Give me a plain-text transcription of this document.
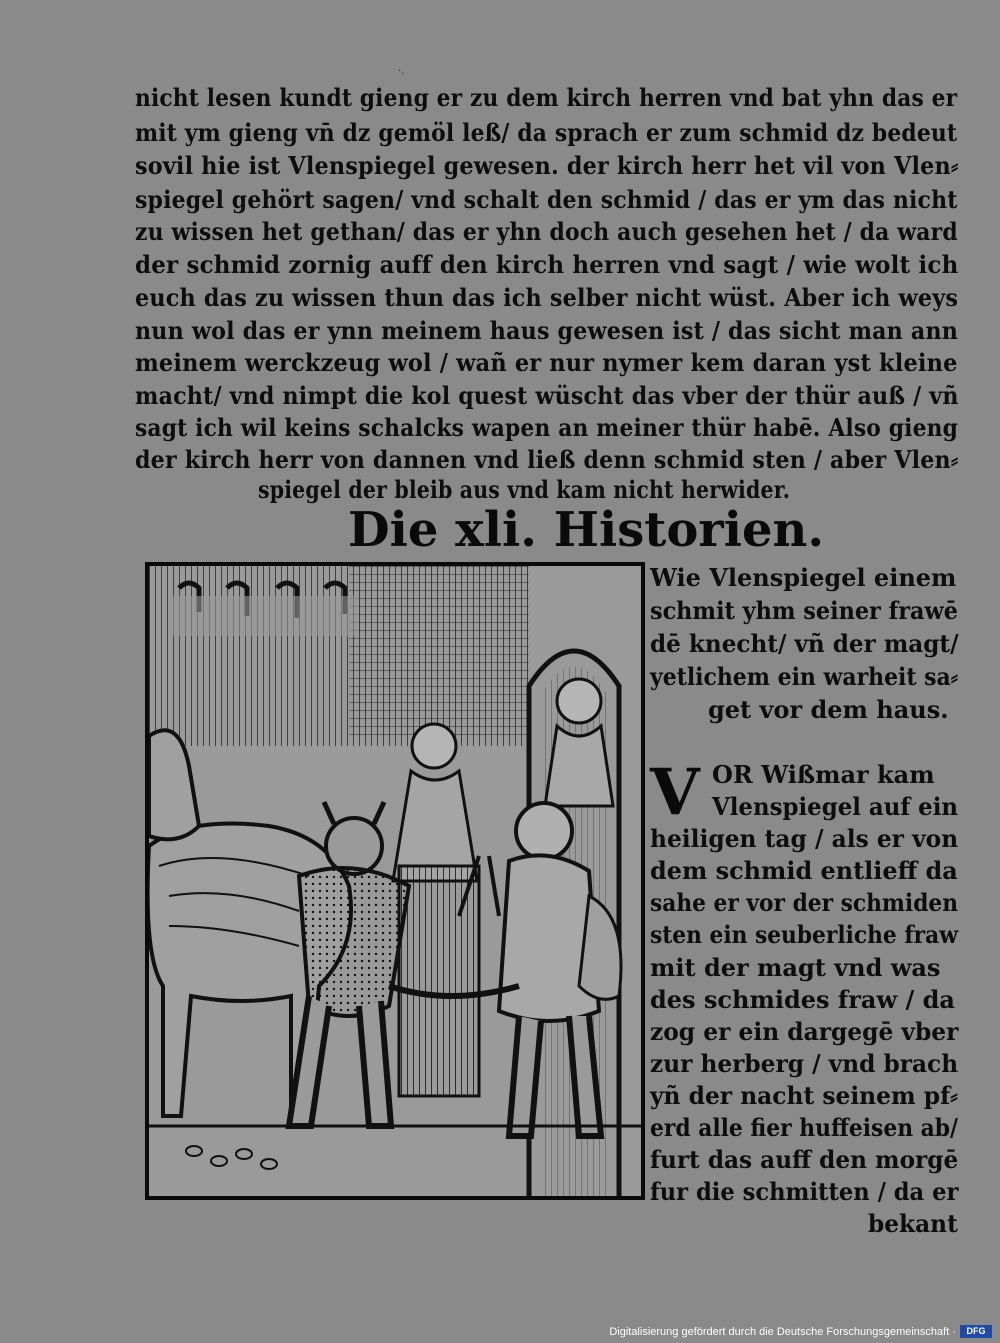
·.
nicht lesen kundt gieng er zu dem kirch herren vnd bat yhn das er
mit ym gieng vn̄ dz gemöl leß/ da sprach er zum schmid dz bedeut
sovil hie ist Vlenspiegel gewesen. der kirch herr het vil von Vlen⸗
spiegel gehört sagen/ vnd schalt den schmid / das er ym das nicht
zu wissen het gethan/ das er yhn doch auch gesehen het / da ward
der schmid zornig auff den kirch herren vnd sagt / wie wolt ich
euch das zu wissen thun das ich selber nicht wüst. Aber ich weys
nun wol das er ynn meinem haus gewesen ist / das sicht man ann
meinem werckzeug wol / wañ er nur nymer kem daran yst kleine
macht/ vnd nimpt die kol quest wüscht das vber der thür auß / vñ
sagt ich wil keins schalcks wapen an meiner thür habē. Also gieng
der kirch herr von dannen vnd ließ denn schmid sten / aber Vlen⸗
spiegel der bleib aus vnd kam nicht herwider.
Die xli. Historien.
Wie Vlenspiegel einem
schmit yhm seiner frawē
dē knecht/ vñ der magt/
yetlichem ein warheit sa⸗
get vor dem haus.
V OR Wißmar kam
Vlenspiegel auf ein
heiligen tag / als er von
dem schmid entlieff da
sahe er vor der schmiden
sten ein seuberliche fraw
mit der magt vnd was
des schmides fraw / da
zog er ein dargegē vber
zur herberg / vnd brach
yñ der nacht seinem pf⸗
erd alle fier huffeisen ab/
furt das auff den morgē
fur die schmitten / da er
bekant
Digitalisierung gefördert durch die Deutsche Forschungsgemeinschaft ·	DFG
